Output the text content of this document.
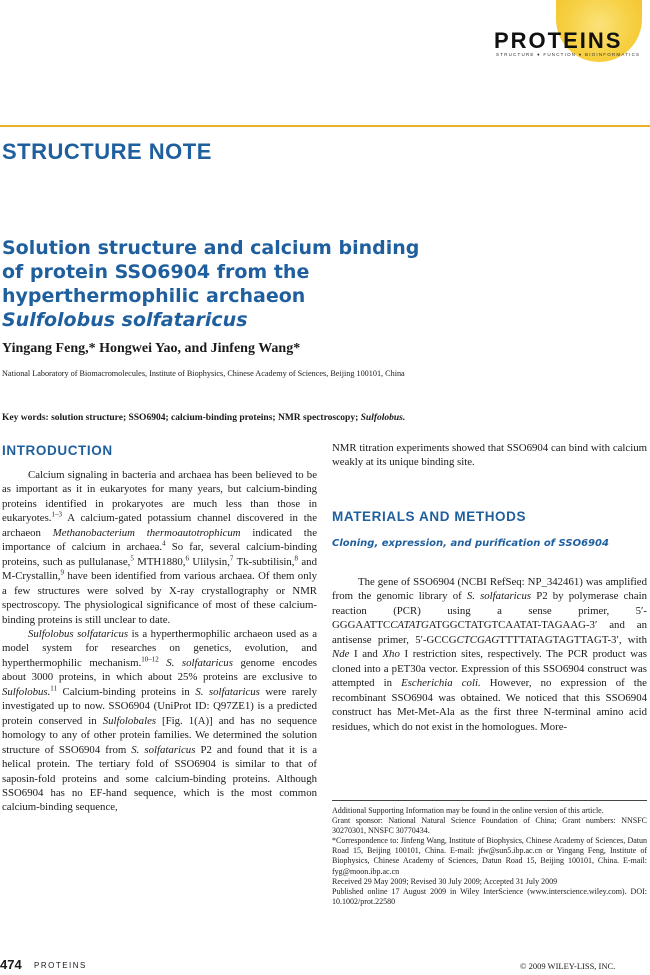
PROTEINS
STRUCTURE ● FUNCTION ● BIOINFORMATICS
STRUCTURE NOTE
Solution structure and calcium binding
of protein SSO6904 from the
hyperthermophilic archaeon
Sulfolobus solfataricus
Yingang Feng,* Hongwei Yao, and Jinfeng Wang*
National Laboratory of Biomacromolecules, Institute of Biophysics, Chinese Academy of Sciences, Beijing 100101, China
Key words: solution structure; SSO6904; calcium-binding proteins; NMR spectroscopy; Sulfolobus.
INTRODUCTION

Calcium signaling in bacteria and archaea has been believed to be as important as it in eukaryotes for many years, but calcium-binding proteins identified in prokaryotes are much less than those in eukaryotes.$^{1-3}$ A calcium-gated potassium channel discovered in the archaeon Methanobacterium thermoautotrophicum indicated the importance of calcium in archaea.$^4$ So far, several calcium-binding proteins, such as pullulanase,$^5$ MTH1880,$^6$ Ulilysin,$^7$ Tk-subtilisin,$^8$ and M-Crystallin,$^9$ have been identified from various archaea. Of them only a few structures were solved by X-ray crystallography or NMR spectroscopy. The physiological significance of most of these calcium-binding proteins is still unclear to date.

Sulfolobus solfataricus is a hyperthermophilic archaeon used as a model system for researches on genetics, evolution, and hyperthermophilic mechanism.$^{10-12}$ S. solfataricus genome encodes about 3000 proteins, in which about 25% proteins are exclusive to Sulfolobus.$^{11}$ Calcium-binding proteins in S. solfataricus were rarely investigated up to now. SSO6904 (UniProt ID: Q97ZE1) is a predicted protein conserved in Sulfolobales [Fig. 1(A)] and has no sequence homology to any of other protein families. We determined the solution structure of SSO6904 from S. solfataricus P2 and found that it is a helical protein. The tertiary fold of SSO6904 is similar to that of saposin-fold proteins and some calcium-binding proteins. Although SSO6904 has no EF-hand sequence, which is the most common calcium-binding sequence,

NMR titration experiments showed that SSO6904 can bind with calcium weakly at its unique binding site.

MATERIALS AND METHODS
Cloning, expression, and purification of SSO6904

The gene of SSO6904 (NCBI RefSeq: NP_342461) was amplified from the genomic library of S. solfataricus P2 by polymerase chain reaction (PCR) using a sense primer, 5′-GGGAATTCCATATGATGGCTATGTCAATAT-TAGAAG-3′ and an antisense primer, 5′-GCCGCTCGAGTTTTATAGTAGTTAGT-3′, with Nde I and Xho I restriction sites, respectively. The PCR product was cloned into a pET30a vector. Expression of this SSO6904 construct was attempted in Escherichia coli. However, no expression of the recombinant SSO6904 was obtained. We noticed that this SSO6904 construct has Met-Met-Ala as the first three N-terminal amino acid residues, which do not exist in the homologues. More-

Additional Supporting Information may be found in the online version of this article.
Grant sponsor: National Natural Science Foundation of China; Grant numbers: NNSFC 30270301, NNSFC 30770434.
*Correspondence to: Jinfeng Wang, Institute of Biophysics, Chinese Academy of Sciences, Datun Road 15, Beijing 100101, China. E-mail: jfw@sun5.ibp.ac.cn or Yingang Feng, Institute of Biophysics, Chinese Academy of Sciences, Datun Road 15, Beijing 100101, China. E-mail: fyg@moon.ibp.ac.cn
Received 29 May 2009; Revised 30 July 2009; Accepted 31 July 2009
Published online 17 August 2009 in Wiley InterScience (www.interscience.wiley.com). DOI: 10.1002/prot.22580
474 PROTEINS	© 2009 WILEY-LISS, INC.
